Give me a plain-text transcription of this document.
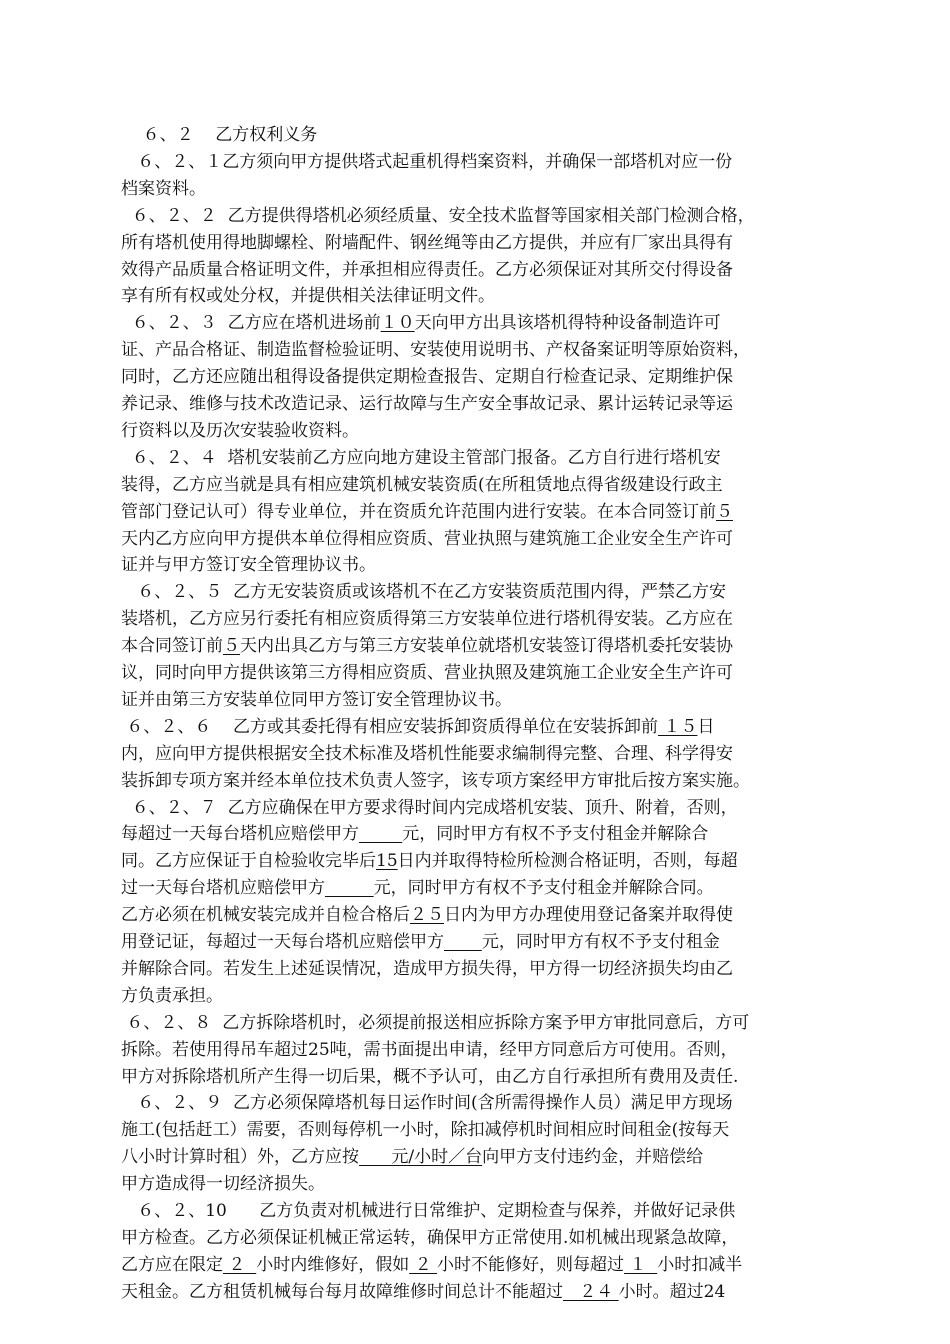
６、２    乙方权利义务
６、２、１乙方须向甲方提供塔式起重机得档案资料，并确保一部塔机对应一份
档案资料。
６、２、２  乙方提供得塔机必须经质量、安全技术监督等国家相关部门检测合格，
所有塔机使用得地脚螺栓、附墙配件、钢丝绳等由乙方提供，并应有厂家出具得有
效得产品质量合格证明文件，并承担相应得责任。乙方必须保证对其所交付得设备
享有所有权或处分权，并提供相关法律证明文件。
６、２、３  乙方应在塔机进场前１０天向甲方出具该塔机得特种设备制造许可
证、产品合格证、制造监督检验证明、安装使用说明书、产权备案证明等原始资料，
同时，乙方还应随出租得设备提供定期检查报告、定期自行检查记录、定期维护保
养记录、维修与技术改造记录、运行故障与生产安全事故记录、累计运转记录等运
行资料以及历次安装验收资料。
６、２、４  塔机安装前乙方应向地方建设主管部门报备。乙方自行进行塔机安
装得，乙方应当就是具有相应建筑机械安装资质(在所租赁地点得省级建设行政主
管部门登记认可）得专业单位，并在资质允许范围内进行安装。在本合同签订前５
天内乙方应向甲方提供本单位得相应资质、营业执照与建筑施工企业安全生产许可
证并与甲方签订安全管理协议书。
６、２、５  乙方无安装资质或该塔机不在乙方安装资质范围内得，严禁乙方安
装塔机，乙方应另行委托有相应资质得第三方安装单位进行塔机得安装。乙方应在
本合同签订前５天内出具乙方与第三方安装单位就塔机安装签订得塔机委托安装协
议，同时向甲方提供该第三方得相应资质、营业执照及建筑施工企业安全生产许可
证并由第三方安装单位同甲方签订安全管理协议书。
６、２、６    乙方或其委托得有相应安装拆卸资质得单位在安装拆卸前 １５日
内，应向甲方提供根据安全技术标准及塔机性能要求编制得完整、合理、科学得安
装拆卸专项方案并经本单位技术负责人签字，该专项方案经甲方审批后按方案实施。
６、２、７  乙方应确保在甲方要求得时间内完成塔机安装、顶升、附着，否则，
每超过一天每台塔机应赔偿甲方	元，同时甲方有权不予支付租金并解除合
同。乙方应保证于自检验收完毕后15日内并取得特检所检测合格证明，否则，每超
过一天每台塔机应赔偿甲方	元，同时甲方有权不予支付租金并解除合同。
乙方必须在机械安装完成并自检合格后２５日内为甲方办理使用登记备案并取得使
用登记证，每超过一天每台塔机应赔偿甲方 元，同时甲方有权不予支付租金
并解除合同。若发生上述延误情况，造成甲方损失得，甲方得一切经济损失均由乙
方负责承担。
６、２、８  乙方拆除塔机时，必须提前报送相应拆除方案予甲方审批同意后，方可
拆除。若使用得吊车超过25吨，需书面提出申请，经甲方同意后方可使用。否则，
甲方对拆除塔机所产生得一切后果，概不予认可，由乙方自行承担所有费用及责任.
６、２、９  乙方必须保障塔机每日运作时间(含所需得操作人员）满足甲方现场
施工(包括赶工）需要，否则每停机一小时，除扣减停机时间相应时间租金(按每天
八小时计算时租）外，乙方应按      元/小时／台向甲方支付违约金，并赔偿给
甲方造成得一切经济损失。
６、２、10      乙方负责对机械进行日常维护、定期检查与保养，并做好记录供
甲方检查。乙方必须保证机械正常运转，确保甲方正常使用.如机械出现紧急故障，
乙方应在限定 ２  小时内维修好，假如 ２ 小时不能修好，则每超过 １  小时扣减半
天租金。乙方租赁机械每台每月故障维修时间总计不能超过   ２４ 小时。超过24
